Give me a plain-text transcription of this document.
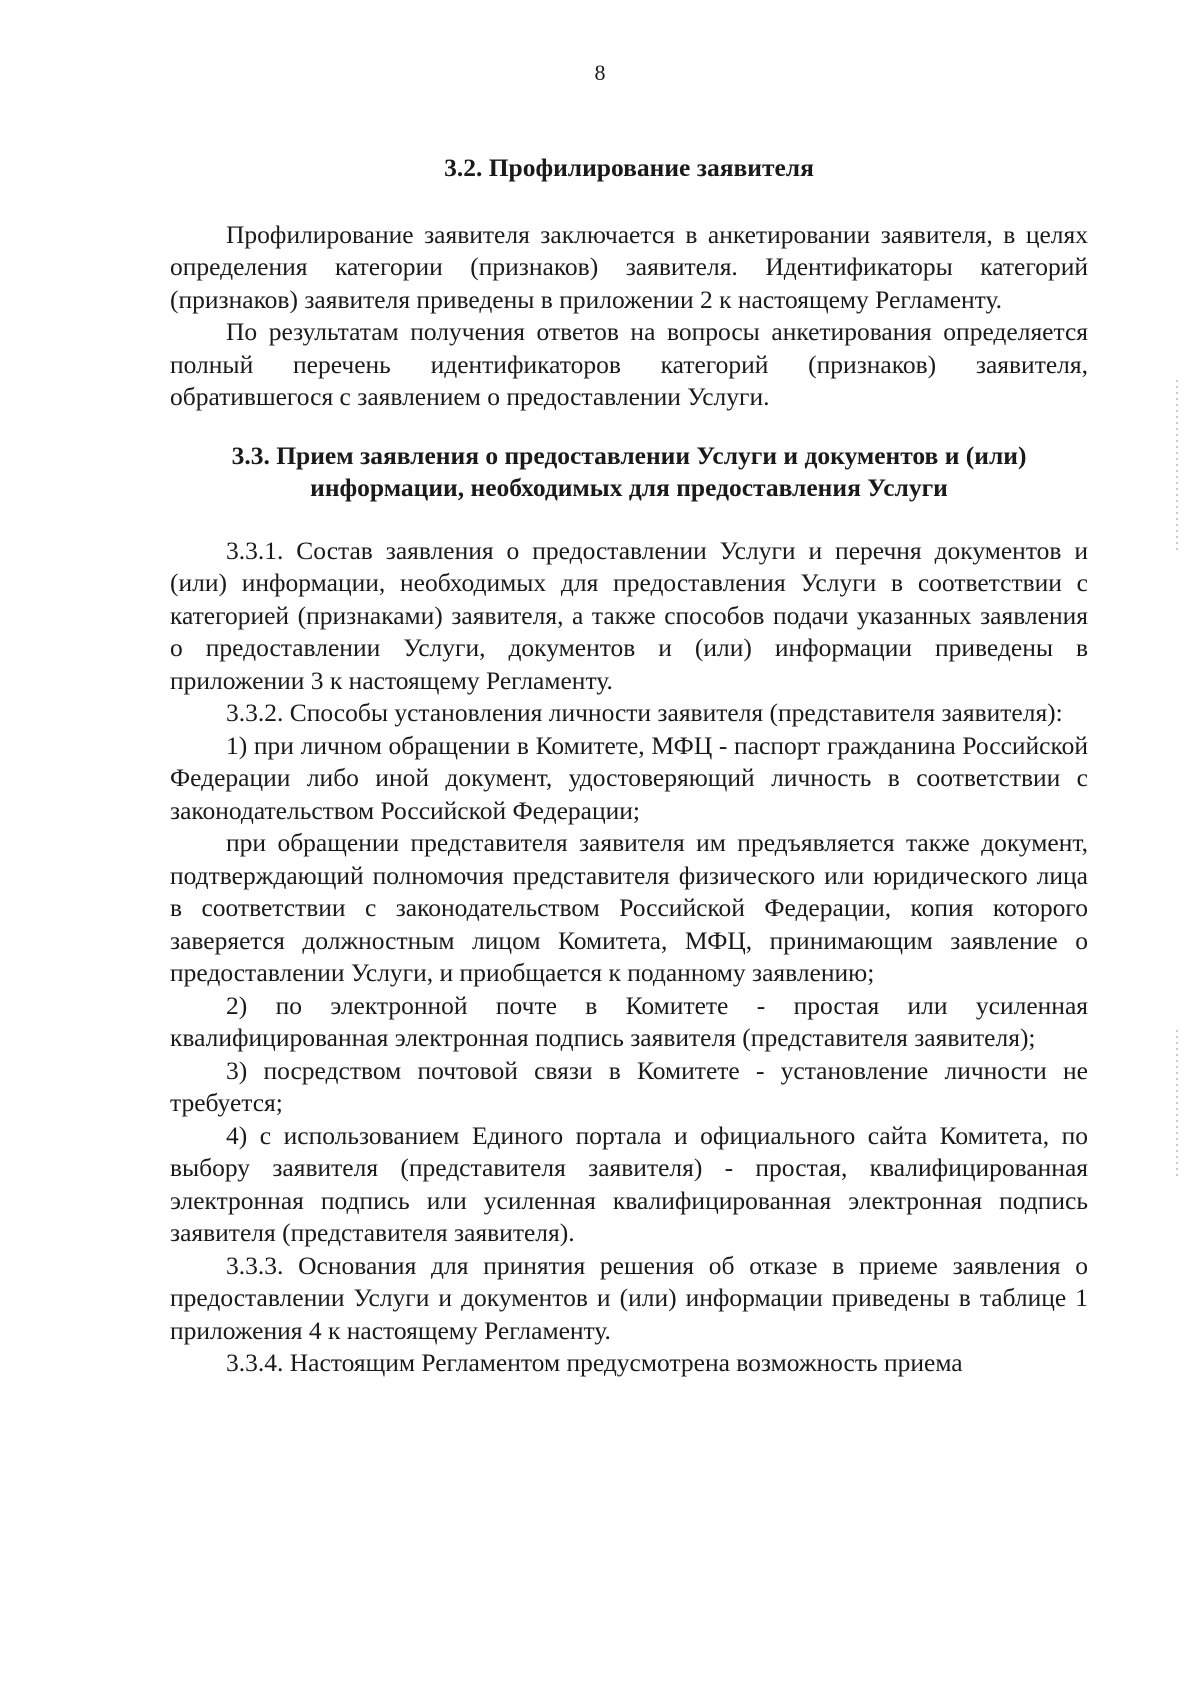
8
3.2. Профилирование заявителя

Профилирование заявителя заключается в анкетировании заявителя, в целях определения категории (признаков) заявителя. Идентификаторы категорий (признаков) заявителя приведены в приложении 2 к настоящему Регламенту.

По результатам получения ответов на вопросы анкетирования определяется полный перечень идентификаторов категорий (признаков) заявителя, обратившегося с заявлением о предоставлении Услуги.

3.3. Прием заявления о предоставлении Услуги и документов и (или) информации, необходимых для предоставления Услуги

3.3.1. Состав заявления о предоставлении Услуги и перечня документов и (или) информации, необходимых для предоставления Услуги в соответствии с категорией (признаками) заявителя, а также способов подачи указанных заявления о предоставлении Услуги, документов и (или) информации приведены в приложении 3 к настоящему Регламенту.

3.3.2. Способы установления личности заявителя (представителя заявителя):

1) при личном обращении в Комитете, МФЦ - паспорт гражданина Российской Федерации либо иной документ, удостоверяющий личность в соответствии с законодательством Российской Федерации;

при обращении представителя заявителя им предъявляется также документ, подтверждающий полномочия представителя физического или юридического лица в соответствии с законодательством Российской Федерации, копия которого заверяется должностным лицом Комитета, МФЦ, принимающим заявление о предоставлении Услуги, и приобщается к поданному заявлению;

2) по электронной почте в Комитете - простая или усиленная квалифицированная электронная подпись заявителя (представителя заявителя);

3) посредством почтовой связи в Комитете - установление личности не требуется;

4) с использованием Единого портала и официального сайта Комитета, по выбору заявителя (представителя заявителя) - простая, квалифицированная электронная подпись или усиленная квалифицированная электронная подпись заявителя (представителя заявителя).

3.3.3. Основания для принятия решения об отказе в приеме заявления о предоставлении Услуги и документов и (или) информации приведены в таблице 1 приложения 4 к настоящему Регламенту.

3.3.4. Настоящим Регламентом предусмотрена возможность приема
